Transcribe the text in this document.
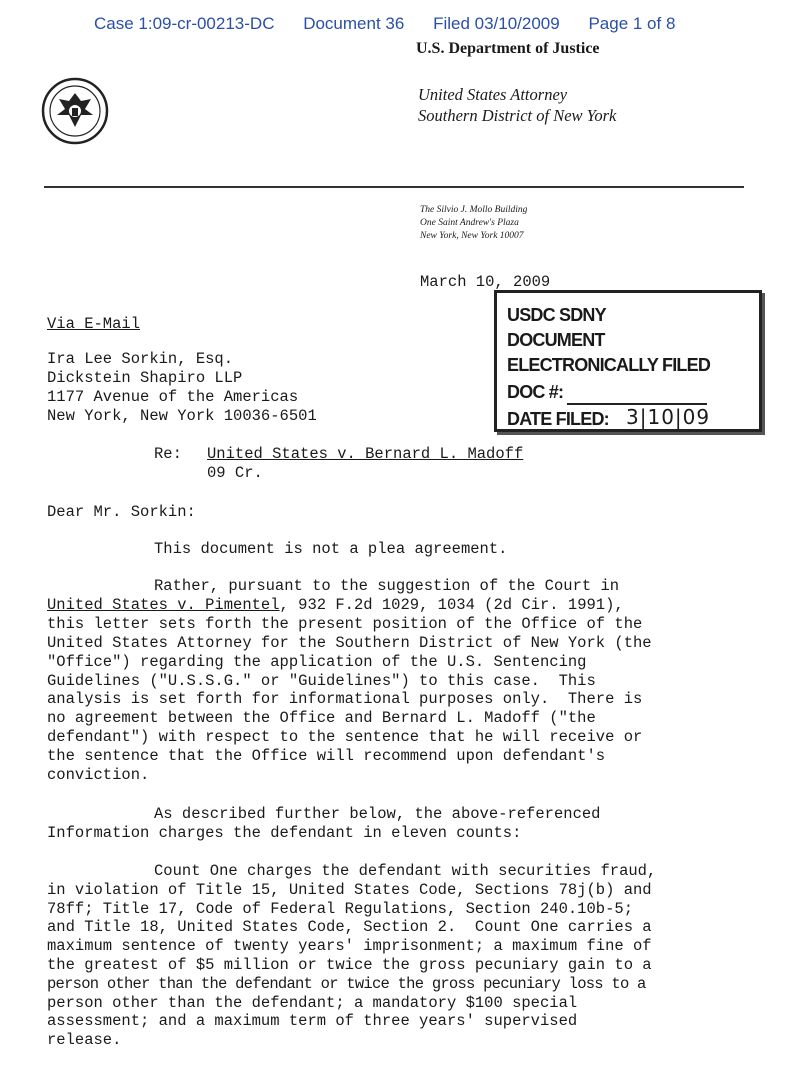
Case 1:09-cr-00213-DC Document 36 Filed 03/10/2009 Page 1 of 8
U.S. Department of Justice
United States Attorney
Southern District of New York
The Silvio J. Mollo Building
One Saint Andrew's Plaza
New York, New York 10007
March 10, 2009
Via E-Mail
Ira Lee Sorkin, Esq.
Dickstein Shapiro LLP
1177 Avenue of the Americas
New York, New York 10036-6501
USDC SDNY
DOCUMENT
ELECTRONICALLY FILED
DOC #:
DATE FILED: 3|10|09
Re: United States v. Bernard L. Madoff
09 Cr.
Dear Mr. Sorkin:
This document is not a plea agreement.
Rather, pursuant to the suggestion of the Court in
United States v. Pimentel, 932 F.2d 1029, 1034 (2d Cir. 1991),
this letter sets forth the present position of the Office of the
United States Attorney for the Southern District of New York (the
"Office") regarding the application of the U.S. Sentencing
Guidelines ("U.S.S.G." or "Guidelines") to this case.  This
analysis is set forth for informational purposes only.  There is
no agreement between the Office and Bernard L. Madoff ("the
defendant") with respect to the sentence that he will receive or
the sentence that the Office will recommend upon defendant's
conviction.
As described further below, the above-referenced
Information charges the defendant in eleven counts:
Count One charges the defendant with securities fraud,
in violation of Title 15, United States Code, Sections 78j(b) and
78ff; Title 17, Code of Federal Regulations, Section 240.10b-5;
and Title 18, United States Code, Section 2.  Count One carries a
maximum sentence of twenty years' imprisonment; a maximum fine of
the greatest of $5 million or twice the gross pecuniary gain to a
person other than the defendant or twice the gross pecuniary loss to a
person other than the defendant; a mandatory $100 special
assessment; and a maximum term of three years' supervised
release.
